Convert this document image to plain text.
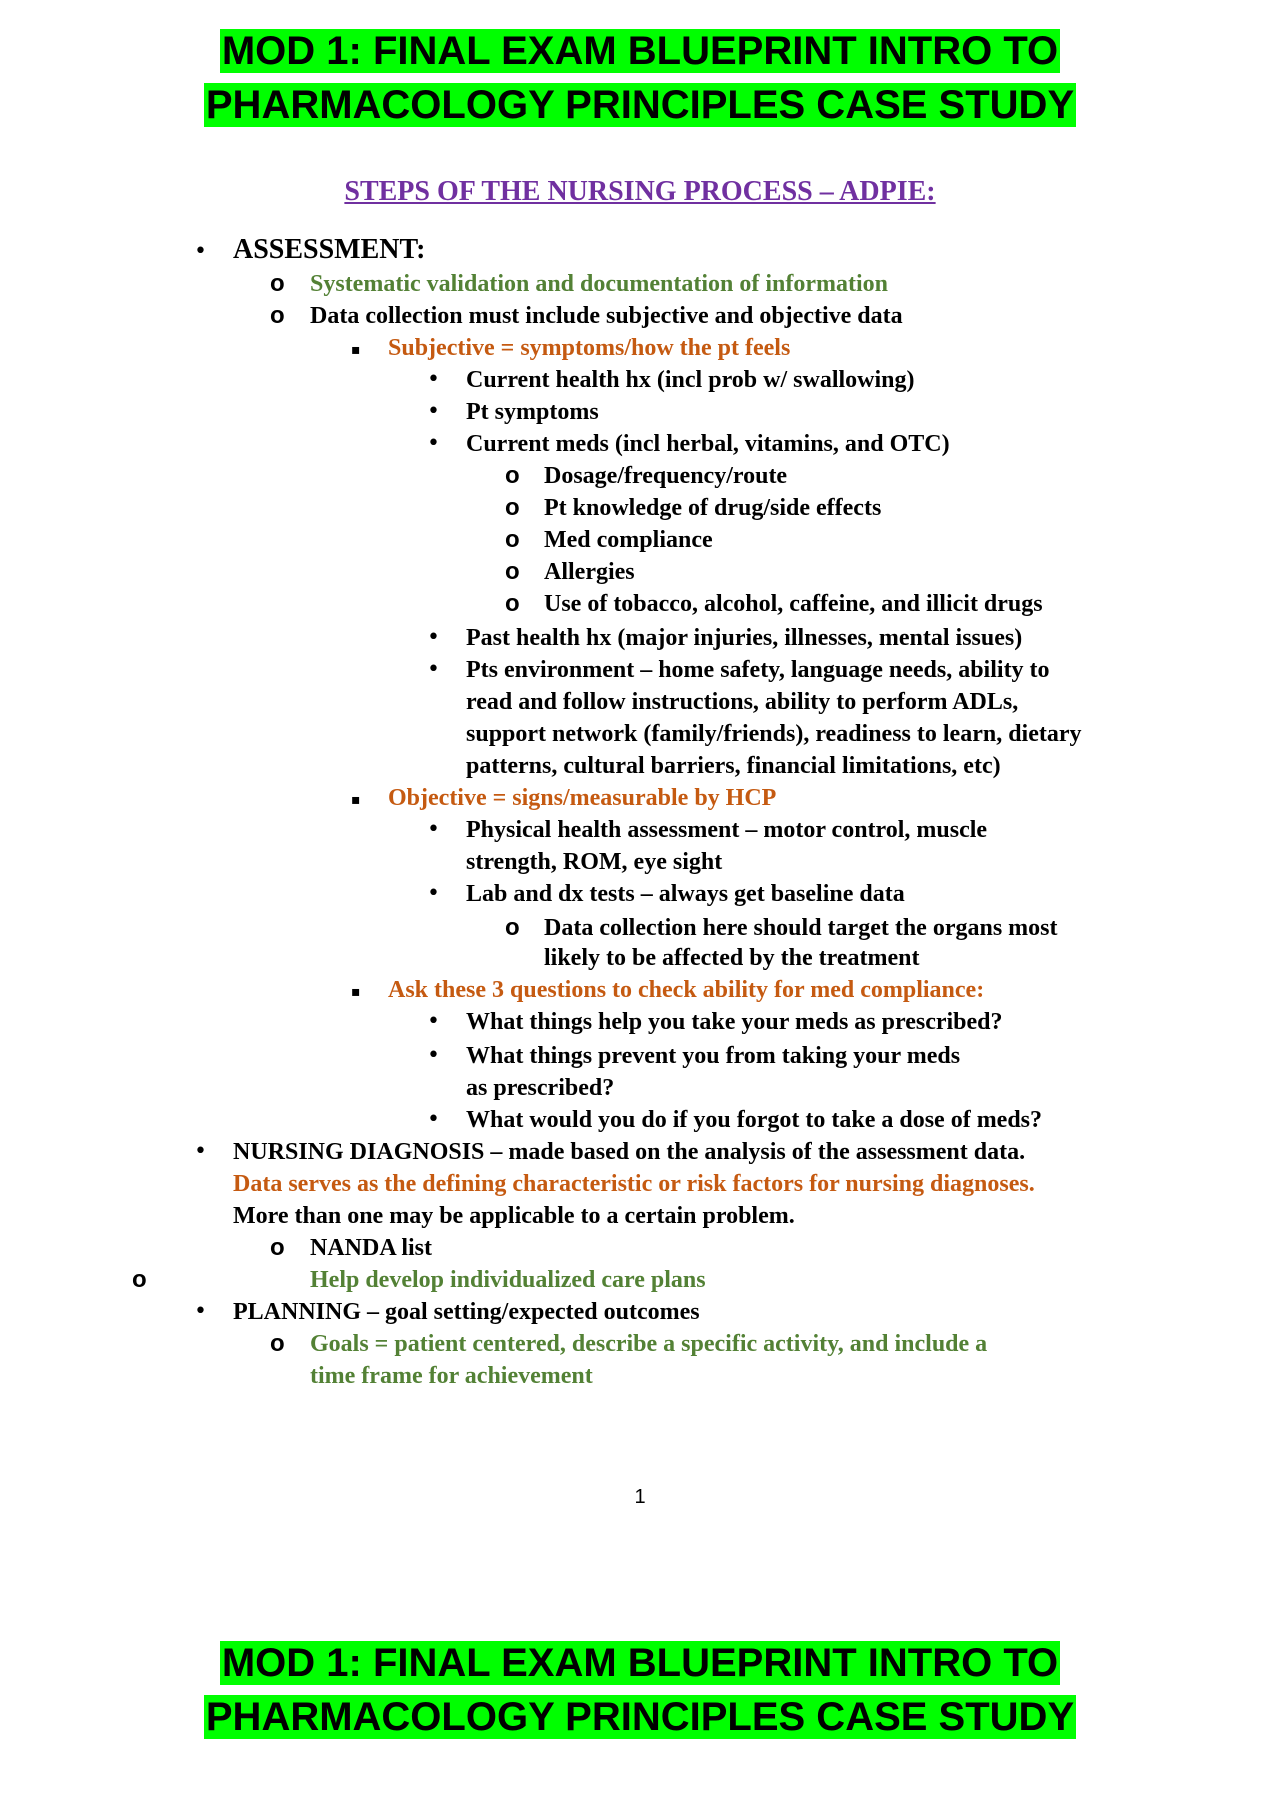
MOD 1: FINAL EXAM BLUEPRINT INTRO TO
PHARMACOLOGY PRINCIPLES CASE STUDY
STEPS OF THE NURSING PROCESS – ADPIE:
• ASSESSMENT:
o Systematic validation and documentation of information
o Data collection must include subjective and objective data
▪ Subjective = symptoms/how the pt feels
• Current health hx (incl prob w/ swallowing)
• Pt symptoms
• Current meds (incl herbal, vitamins, and OTC)
o Dosage/frequency/route
o Pt knowledge of drug/side effects
o Med compliance
o Allergies
o Use of tobacco, alcohol, caffeine, and illicit drugs
• Past health hx (major injuries, illnesses, mental issues)
• Pts environment – home safety, language needs, ability to
read and follow instructions, ability to perform ADLs,
support network (family/friends), readiness to learn, dietary
patterns, cultural barriers, financial limitations, etc)
▪ Objective = signs/measurable by HCP
• Physical health assessment – motor control, muscle
strength, ROM, eye sight
• Lab and dx tests – always get baseline data
o Data collection here should target the organs most
likely to be affected by the treatment
▪ Ask these 3 questions to check ability for med compliance:
• What things help you take your meds as prescribed?
• What things prevent you from taking your meds
as prescribed?
• What would you do if you forgot to take a dose of meds?
• NURSING DIAGNOSIS – made based on the analysis of the assessment data.
Data serves as the defining characteristic or risk factors for nursing diagnoses.
More than one may be applicable to a certain problem.
o NANDA list
o	Help develop individualized care plans
• PLANNING – goal setting/expected outcomes
o Goals = patient centered, describe a specific activity, and include a
time frame for achievement
1
MOD 1: FINAL EXAM BLUEPRINT INTRO TO
PHARMACOLOGY PRINCIPLES CASE STUDY
